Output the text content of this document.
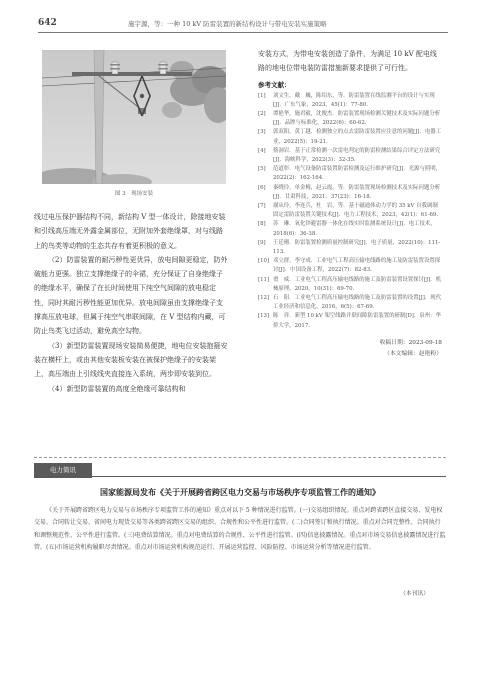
642	施宇源，等：一种 10 kV 防雷装置的新结构设计与带电安装实施策略
图 3　现场安装

线过电压保护器结构不同，新结构 V 型一体设计，除接地安装和引线高压端无外露金属部位，无附加外套绝缘罩，对与线路上的鸟类等动物的生态共存有着更积极的意义。

（2）防雷装置的耐污秽性更优异，放电间隙更稳定，防外破能力更强。独立支撑绝缘子的伞裙，充分保证了自身绝缘子的绝缘水平，确保了在长时间使用下纯空气间隙的放电稳定性，同时其耐污秽性能更加优异。放电间隙虽由支撑绝缘子支撑高压放电球，但属于纯空气串联间隙，在 V 型结构内藏，可防止鸟类飞过活动，避免高空勾物。

（3）新型防雷装置现场安装简易便捷，地电位安装抱箍安装在横杆上，或由其他安装板安装在被保护绝缘子的安装架上，高压端由上引线线夹直接连入系统，两步即安装到位。

（4）新型防雷装置的高度全绝缘可靠结构和

安装方式，为带电安装创造了条件，为满足 10 kV 配电线路的地电位带电装防雷措施新要求提供了可行性。

参考文献：
[1] 刘文生，戴　巍，陈绍东，等．防雷装置在线监测平台的设计与实现[J]．广东气象，2023，45(1)：77-80.
[2] 谭艳华，施君毅，沈俊杰．防雷装置现场检测关键技术及实际问题分析[J]．品牌与标准化，2022(6)：60-62.
[3] 郭双阳，黄丁越．检测独立的点去雷防雷装置应注意的问题[J]．电器工业，2022(5)：19-21.
[4] 蔡洞岩．基于正常检测一次雷电判定的防雷检测结果综合评定方法研究[J]．海峡科学，2022(3)：32-35.
[5] 范道彰．电气设备防雷装置防雷检测及运行维护研究[J]．光源与照明，2022(2)：162-164.
[6] 秦晓玲，单金梅，赵云霞，等．防雷装置现场检测技术及实际问题分析[J]．甘肃科技，2021，37(23)：16-18.
[7] 谢从玲，李连兵，杜　岩，等．基于磁通体动力学的 35 kV 自我调制固定雷防雷装置关键技术[J]．电力工程技术，2023，42(1)：61-69.
[8] 苏　琳．氧化锌避雷器一体化在线实时监测系统设计[J]．电工技术，2018(6)：36-38.
[9] 王廷珊．防雷装置检测质量控制研究[J]．电子质量，2022(10)：111-113.
[10] 邓立群，李守成．工业电气工程高压输电线路的施工及防雷装置设置探讨[J]．中国设备工程，2022(7)：82-83.
[11] 贾　威．工业电气工程高压输电线路的施工及防雷装置设置探讨[J]．机械原理，2020，10(31)：69-70.
[12] 石　阳．工业电气工程高压输电线路的施工及防雷装置的设置[J]．现代工业经济和信息化，2016，6(5)：67-69.
[13] 陈　祥．新型 10 kV 架空线路并联间隙防雷装置的研制[D]．泉州：华侨大学，2017.
收稿日期：2023-09-18
（本文编辑：赵艳粉）
电力简讯
国家能源局发布《关于开展跨省跨区电力交易与市场秩序专项监管工作的通知》

《关于开展跨省跨区电力交易与市场秩序专项监管工作的通知》重点对以下 5 种情况进行监管。(一)交易组织情况。重点对跨省跨区直接交易、发电权交易、合同转让交易、省间电力现货交易等各类跨省跨区交易的组织、合规性和公平性进行监管。(二)合同签订和执行情况。重点对合同完整性、合同执行和调整规范性、公平性进行监管。(三)电费结算情况。重点对电费结算的合规性、公平性进行监管。(四)信息披露情况。重点对市场交易信息披露情况进行监管。(五)市场运营机构履职尽责情况。重点对市场运营机构规范运行、开展运营监控、风险防控、市场运营分析等情况进行监管。

（本刊讯）
